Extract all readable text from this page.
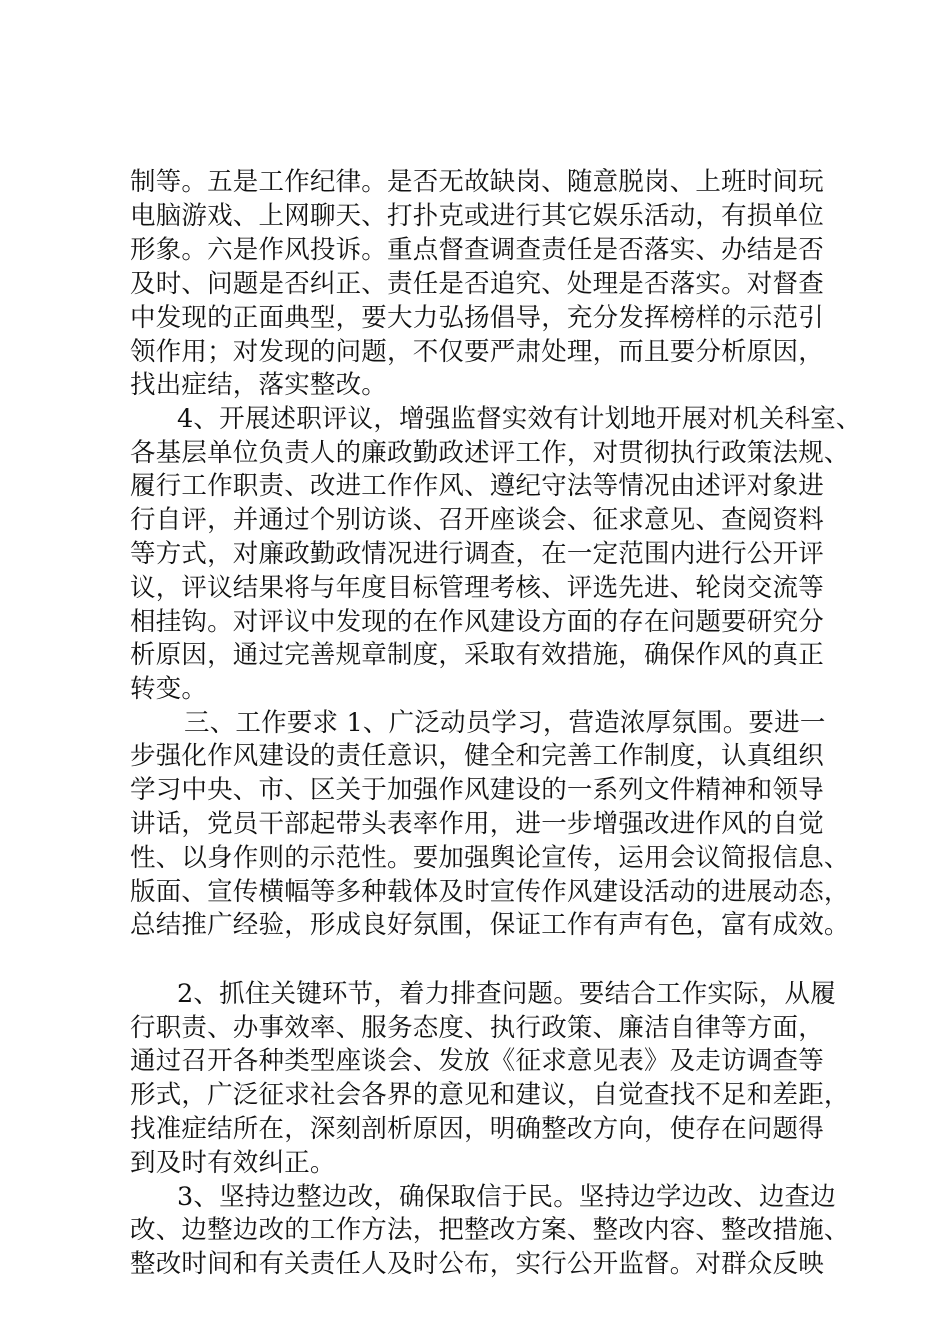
制等。五是工作纪律。是否无故缺岗、随意脱岗、上班时间玩
电脑游戏、上网聊天、打扑克或进行其它娱乐活动，有损单位
形象。六是作风投诉。重点督查调查责任是否落实、办结是否
及时、问题是否纠正、责任是否追究、处理是否落实。对督查
中发现的正面典型，要大力弘扬倡导，充分发挥榜样的示范引
领作用；对发现的问题，不仅要严肃处理，而且要分析原因，
找出症结，落实整改。
4、开展述职评议，增强监督实效有计划地开展对机关科室、
各基层单位负责人的廉政勤政述评工作，对贯彻执行政策法规、
履行工作职责、改进工作作风、遵纪守法等情况由述评对象进
行自评，并通过个别访谈、召开座谈会、征求意见、查阅资料
等方式，对廉政勤政情况进行调查，在一定范围内进行公开评
议，评议结果将与年度目标管理考核、评选先进、轮岗交流等
相挂钩。对评议中发现的在作风建设方面的存在问题要研究分
析原因，通过完善规章制度，采取有效措施，确保作风的真正
转变。
三、工作要求 1、广泛动员学习，营造浓厚氛围。要进一
步强化作风建设的责任意识，健全和完善工作制度，认真组织
学习中央、市、区关于加强作风建设的一系列文件精神和领导
讲话，党员干部起带头表率作用，进一步增强改进作风的自觉
性、以身作则的示范性。要加强舆论宣传，运用会议简报信息、
版面、宣传横幅等多种载体及时宣传作风建设活动的进展动态，
总结推广经验，形成良好氛围，保证工作有声有色，富有成效。
2、抓住关键环节，着力排查问题。要结合工作实际，从履
行职责、办事效率、服务态度、执行政策、廉洁自律等方面，
通过召开各种类型座谈会、发放《征求意见表》及走访调查等
形式，广泛征求社会各界的意见和建议，自觉查找不足和差距，
找准症结所在，深刻剖析原因，明确整改方向，使存在问题得
到及时有效纠正。
3、坚持边整边改，确保取信于民。坚持边学边改、边查边
改、边整边改的工作方法，把整改方案、整改内容、整改措施、
整改时间和有关责任人及时公布，实行公开监督。对群众反映
